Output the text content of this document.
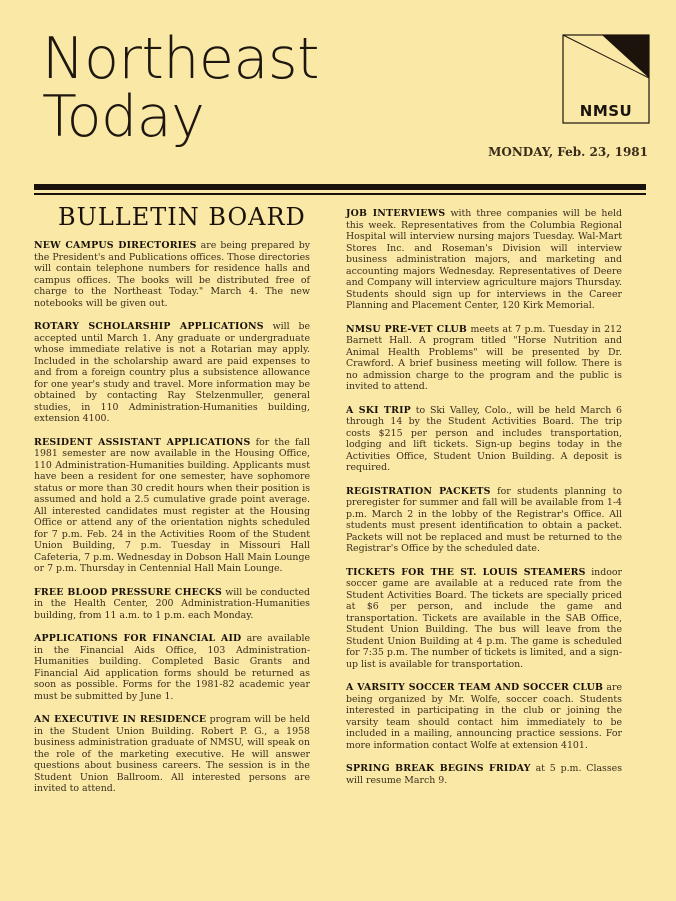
Northeast
Today	NMSU
MONDAY, Feb. 23, 1981
BULLETIN BOARD

NEW CAMPUS DIRECTORIES are being prepared by the President's and Publications offices. Those directories will contain telephone numbers for residence halls and campus offices. The books will be distributed free of charge to the Northeast Today." March 4. The new notebooks will be given out.

ROTARY SCHOLARSHIP APPLICATIONS will be accepted until March 1. Any graduate or undergraduate whose immediate relative is not a Rotarian may apply. Included in the scholarship award are paid expenses to and from a foreign country plus a subsistence allowance for one year's study and travel. More information may be obtained by contacting Ray Stelzenmuller, general studies, in 110 Administration-Humanities building, extension 4100.

RESIDENT ASSISTANT APPLICATIONS for the fall 1981 semester are now available in the Housing Office, 110 Administration-Humanities building. Applicants must have been a resident for one semester, have sophomore status or more than 30 credit hours when their position is assumed and hold a 2.5 cumulative grade point average. All interested candidates must register at the Housing Office or attend any of the orientation nights scheduled for 7 p.m. Feb. 24 in the Activities Room of the Student Union Building, 7 p.m. Tuesday in Missouri Hall Cafeteria, 7 p.m. Wednesday in Dobson Hall Main Lounge or 7 p.m. Thursday in Centennial Hall Main Lounge.

FREE BLOOD PRESSURE CHECKS will be conducted in the Health Center, 200 Administration-Humanities building, from 11 a.m. to 1 p.m. each Monday.

APPLICATIONS FOR FINANCIAL AID are available in the Financial Aids Office, 103 Administration-Humanities building. Completed Basic Grants and Financial Aid application forms should be returned as soon as possible. Forms for the 1981-82 academic year must be submitted by June 1.

AN EXECUTIVE IN RESIDENCE program will be held in the Student Union Building. Robert P. G., a 1958 business administration graduate of NMSU, will speak on the role of the marketing executive. He will answer questions about business careers. The session is in the Student Union Ballroom. All interested persons are invited to attend.

JOB INTERVIEWS with three companies will be held this week. Representatives from the Columbia Regional Hospital will interview nursing majors Tuesday. Wal-Mart Stores Inc. and Roseman's Division will interview business administration majors, and marketing and accounting majors Wednesday. Representatives of Deere and Company will interview agriculture majors Thursday. Students should sign up for interviews in the Career Planning and Placement Center, 120 Kirk Memorial.

NMSU PRE-VET CLUB meets at 7 p.m. Tuesday in 212 Barnett Hall. A program titled "Horse Nutrition and Animal Health Problems" will be presented by Dr. Crawford. A brief business meeting will follow. There is no admission charge to the program and the public is invited to attend.

A SKI TRIP to Ski Valley, Colo., will be held March 6 through 14 by the Student Activities Board. The trip costs $215 per person and includes transportation, lodging and lift tickets. Sign-up begins today in the Activities Office, Student Union Building. A deposit is required.

REGISTRATION PACKETS for students planning to preregister for summer and fall will be available from 1-4 p.m. March 2 in the lobby of the Registrar's Office. All students must present identification to obtain a packet. Packets will not be replaced and must be returned to the Registrar's Office by the scheduled date.

TICKETS FOR THE ST. LOUIS STEAMERS indoor soccer game are available at a reduced rate from the Student Activities Board. The tickets are specially priced at $6 per person, and include the game and transportation. Tickets are available in the SAB Office, Student Union Building. The bus will leave from the Student Union Building at 4 p.m. The game is scheduled for 7:35 p.m. The number of tickets is limited, and a sign-up list is available for transportation.

A VARSITY SOCCER TEAM AND SOCCER CLUB are being organized by Mr. Wolfe, soccer coach. Students interested in participating in the club or joining the varsity team should contact him immediately to be included in a mailing, announcing practice sessions. For more information contact Wolfe at extension 4101.

SPRING BREAK BEGINS FRIDAY at 5 p.m. Classes will resume March 9.
